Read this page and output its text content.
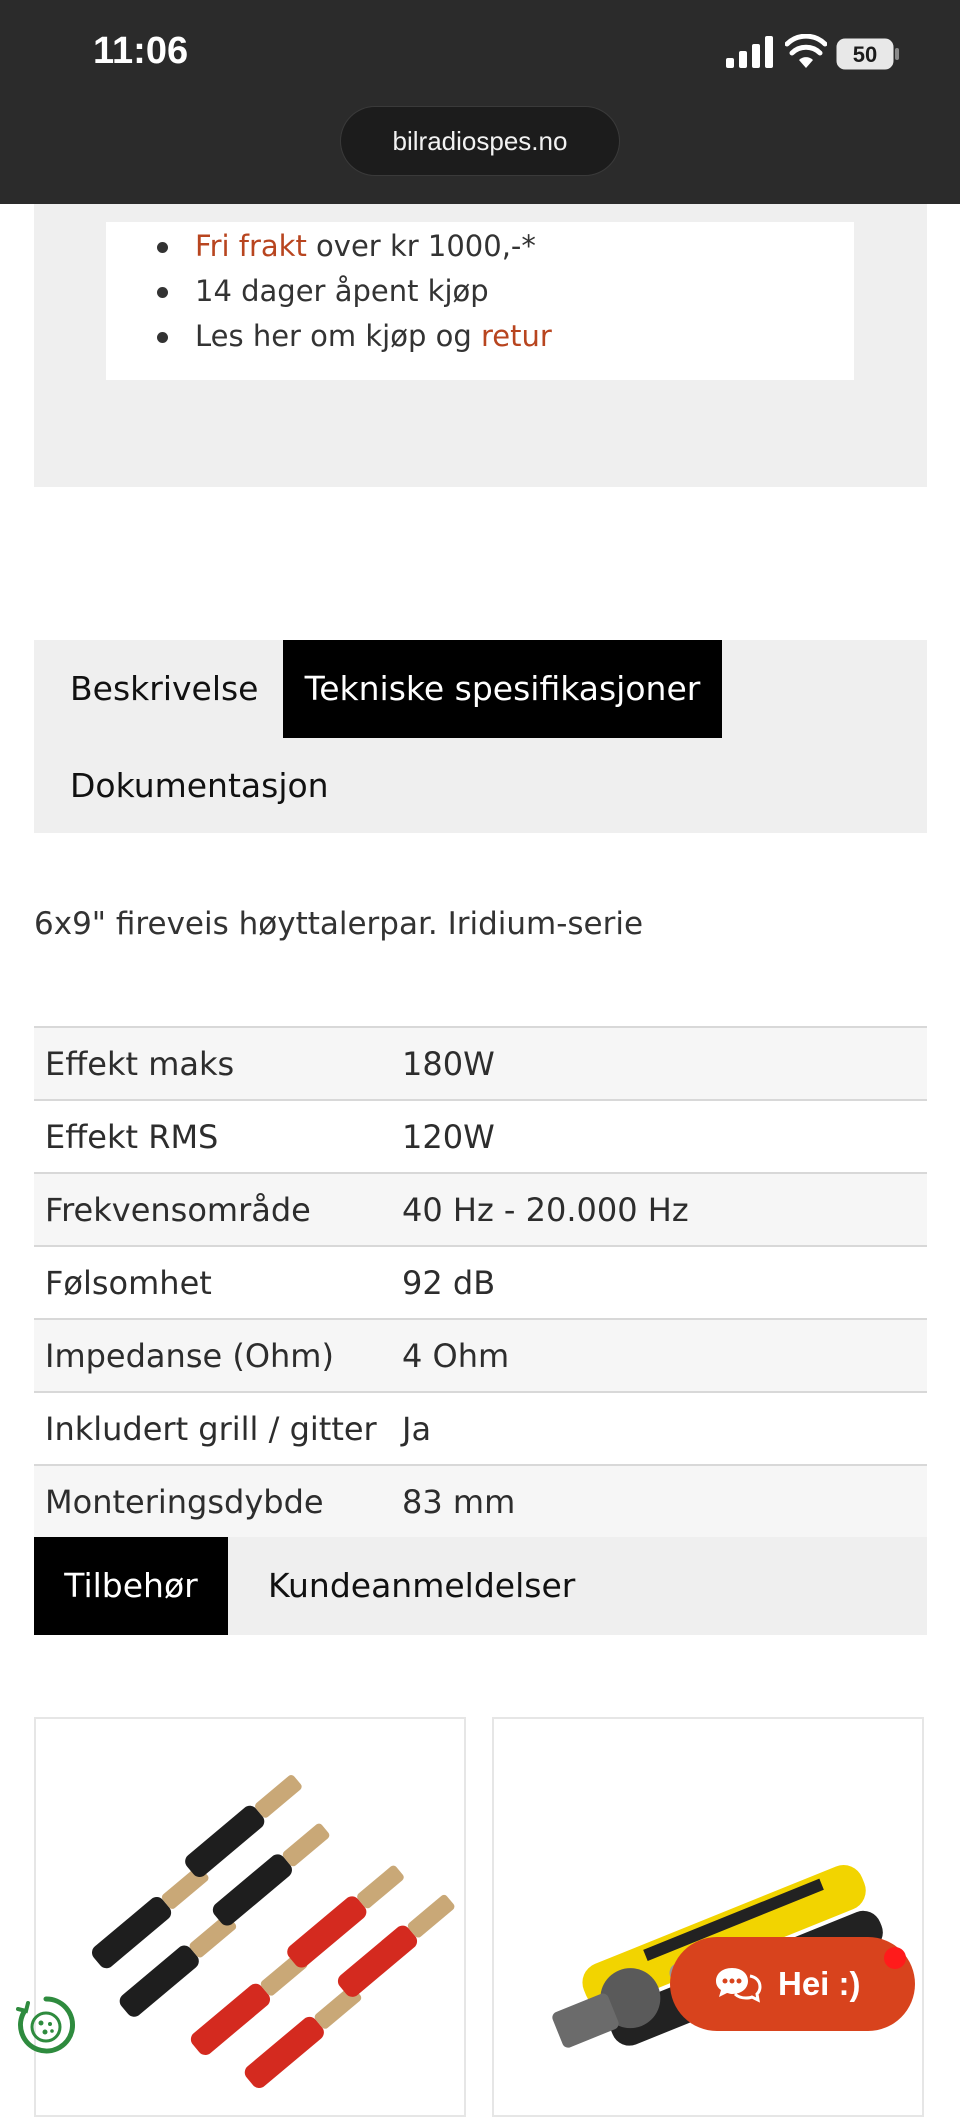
11:06	50
bilradiospes.no
Fri frakt over kr 1000,-*
14 dager åpent kjøp
Les her om kjøp og retur
Beskrivelse	Tekniske spesifikasjoner
Dokumentasjon
6x9" fireveis høyttalerpar. Iridium-serie
Effekt maks	180W
Effekt RMS	120W
Frekvensområde	40 Hz - 20.000 Hz
Følsomhet	92 dB
Impedanse (Ohm)	4 Ohm
Inkludert grill / gitter	Ja
Monteringsdybde	83 mm
Tilbehør	Kundeanmeldelser
Hei :)
